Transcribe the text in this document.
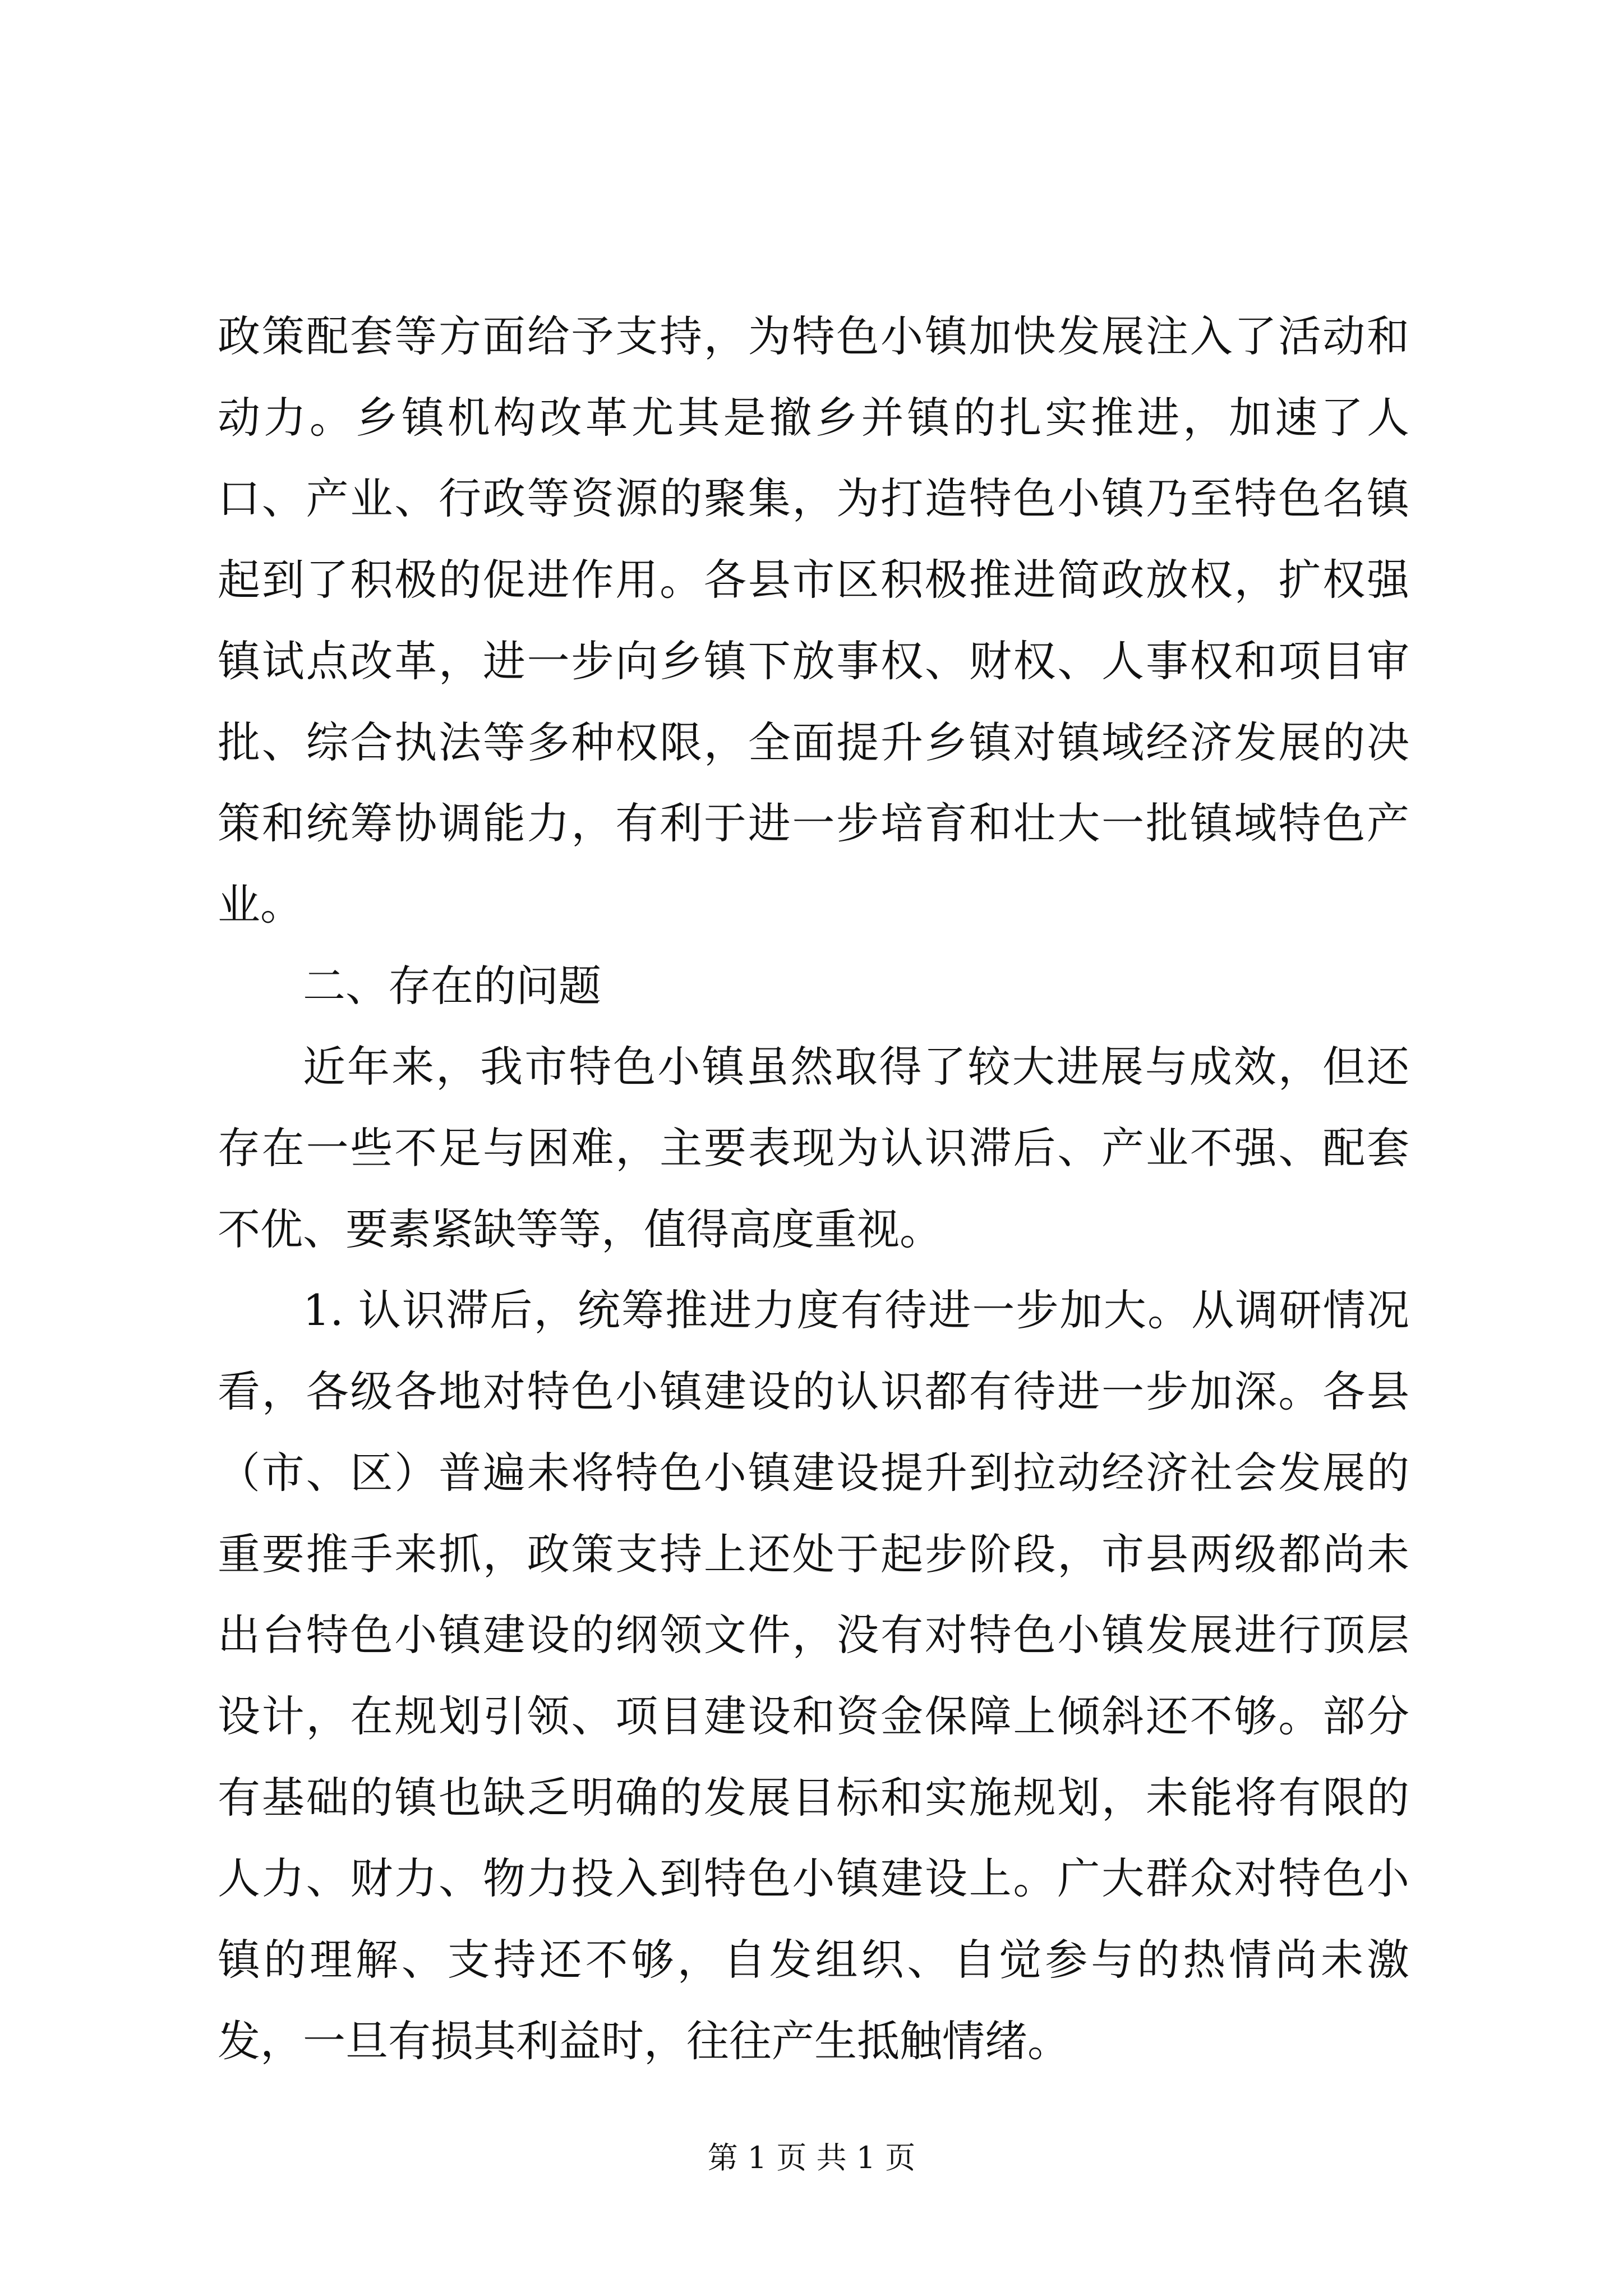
政策配套等方面给予支持，为特色小镇加快发展注入了活动和动力。乡镇机构改革尤其是撤乡并镇的扎实推进，加速了人口、产业、行政等资源的聚集，为打造特色小镇乃至特色名镇起到了积极的促进作用。各县市区积极推进简政放权，扩权强镇试点改革，进一步向乡镇下放事权、财权、人事权和项目审批、综合执法等多种权限，全面提升乡镇对镇域经济发展的决策和统筹协调能力，有利于进一步培育和壮大一批镇域特色产业。

二、存在的问题

近年来，我市特色小镇虽然取得了较大进展与成效，但还存在一些不足与困难，主要表现为认识滞后、产业不强、配套不优、要素紧缺等等，值得高度重视。

1. 认识滞后，统筹推进力度有待进一步加大。从调研情况看，各级各地对特色小镇建设的认识都有待进一步加深。各县（市、区）普遍未将特色小镇建设提升到拉动经济社会发展的重要推手来抓，政策支持上还处于起步阶段，市县两级都尚未出台特色小镇建设的纲领文件，没有对特色小镇发展进行顶层设计，在规划引领、项目建设和资金保障上倾斜还不够。部分有基础的镇也缺乏明确的发展目标和实施规划，未能将有限的人力、财力、物力投入到特色小镇建设上。广大群众对特色小镇的理解、支持还不够，自发组织、自觉参与的热情尚未激发，一旦有损其利益时，往往产生抵触情绪。

第 1 页 共 1 页
